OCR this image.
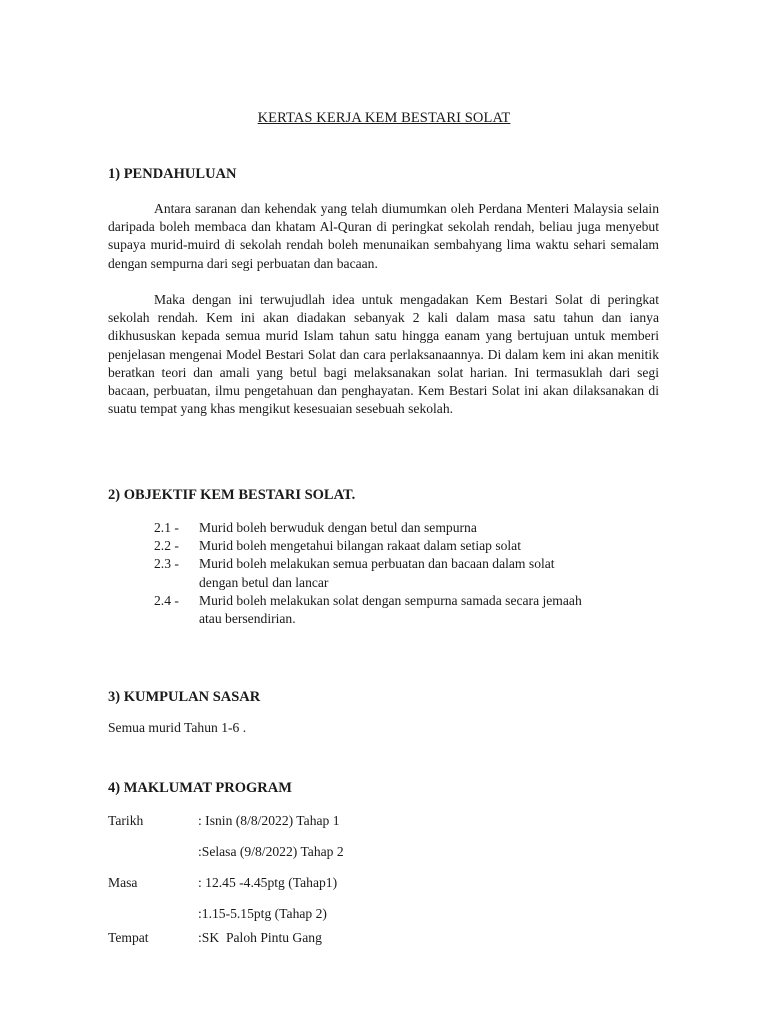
KERTAS KERJA KEM BESTARI SOLAT
1) PENDAHULUAN
Antara saranan dan kehendak yang telah diumumkan oleh Perdana Menteri Malaysia selain daripada boleh membaca dan khatam Al-Quran di peringkat sekolah rendah, beliau juga menyebut supaya murid-muird di sekolah rendah boleh menunaikan sembahyang lima waktu sehari semalam dengan sempurna dari segi perbuatan dan bacaan.
Maka dengan ini terwujudlah idea untuk mengadakan Kem Bestari Solat di peringkat sekolah rendah. Kem ini akan diadakan sebanyak 2 kali dalam masa satu tahun dan ianya dikhususkan kepada semua murid Islam tahun satu hingga eanam yang bertujuan untuk memberi penjelasan mengenai Model Bestari Solat dan cara perlaksanaannya. Di dalam kem ini akan menitik beratkan teori dan amali yang betul bagi melaksanakan solat harian. Ini termasuklah dari segi bacaan, perbuatan, ilmu pengetahuan dan penghayatan. Kem Bestari Solat ini akan dilaksanakan di suatu tempat yang khas mengikut kesesuaian sesebuah sekolah.
2) OBJEKTIF KEM BESTARI SOLAT.
2.1 -	Murid boleh berwuduk dengan betul dan sempurna
2.2 -	Murid boleh mengetahui bilangan rakaat dalam setiap solat
2.3 -	Murid boleh melakukan semua perbuatan dan bacaan dalam solat dengan betul dan lancar
2.4 -	Murid boleh melakukan solat dengan sempurna samada secara jemaah atau bersendirian.
3) KUMPULAN SASAR
Semua murid Tahun 1-6 .
4) MAKLUMAT PROGRAM
Tarikh	: Isnin (8/8/2022) Tahap 1
:Selasa (9/8/2022) Tahap 2
Masa	: 12.45 -4.45ptg (Tahap1)
:1.15-5.15ptg (Tahap 2)
Tempat	:SK  Paloh Pintu Gang
